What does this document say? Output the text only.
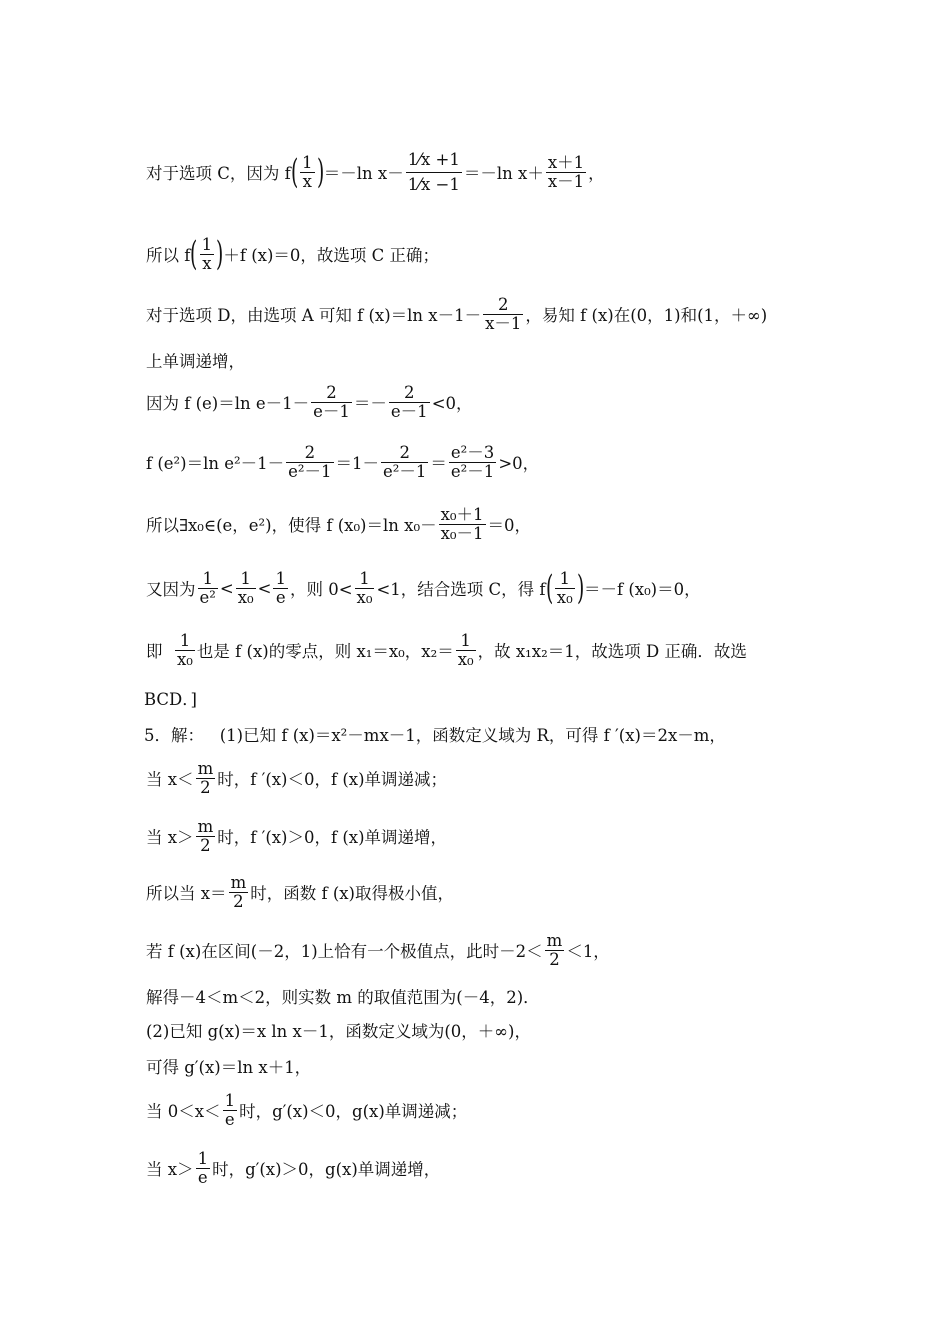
对于选项 C，因为 f ( $\frac{1}{x}$ ) ＝－ln $x- \frac{1⁄x +1}{1⁄x -1} =-\ln$ $x+ \frac{x+1}{x-1}$ ，
所以 f ( $\frac{1}{x}$ ) ＋f (x)＝0，故选项 C 正确；
对于选项 D，由选项 A 可知 f (x)＝ln $x-1- \frac{2}{x-1}$ ，易知 f (x)在(0，1)和(1，＋∞)
上单调递增，
因为 f (e)＝ln $e-1- \frac{2}{e-1} =- \frac{2}{e-1} <0$，
f (e²)＝ln $e^2-1- \frac{2}{\text{e²－1}} =1- \frac{2}{\text{e²－1}} = \frac{\text{e²－3}}{\text{e²－1}} >0$，
所以∃x₀∈(e，e²)，使得 f (x₀)＝ln $x_0- \frac{\text{x₀＋1}}{\text{x₀－1}} =0$，
又因为 $\frac{1}{\text{e²}} < \frac{1}{\text{x₀}} < \frac{1}{e}$ ，则 $0< \frac{1}{\text{x₀}} <1$，结合选项 C，得 f ( $\frac{1}{\text{x₀}}$ ) ＝－f (x₀)＝0，
即 $\frac{1}{\text{x₀}}$ 也是 f (x)的零点，则 x₁＝x₀，$x_2= \frac{1}{\text{x₀}}$ ，故 x₁x₂＝1，故选项 D 正确．故选
BCD．]
5．解：   (1)已知 f (x)＝x²－mx－1，函数定义域为 R，可得 f ′(x)＝2x－m，
当 $x< \frac{m}{2}$ 时，f ′(x)＜0，f (x)单调递减；
当 $x> \frac{m}{2}$ 时，f ′(x)＞0，f (x)单调递增，
所以当 $x= \frac{m}{2}$ 时，函数 f (x)取得极小值，
若 f (x)在区间(－2，1)上恰有一个极值点，此时$-2< \frac{m}{2} <1$，
解得－4＜m＜2，则实数 m 的取值范围为(－4，2)．
(2)已知 g(x)＝x ln x－1，函数定义域为(0，＋∞)，
可得 g′(x)＝ln x＋1，
当 $0<x< \frac{1}{e}$ 时，g′(x)＜0，g(x)单调递减；
当 $x> \frac{1}{e}$ 时，g′(x)＞0，g(x)单调递增，
